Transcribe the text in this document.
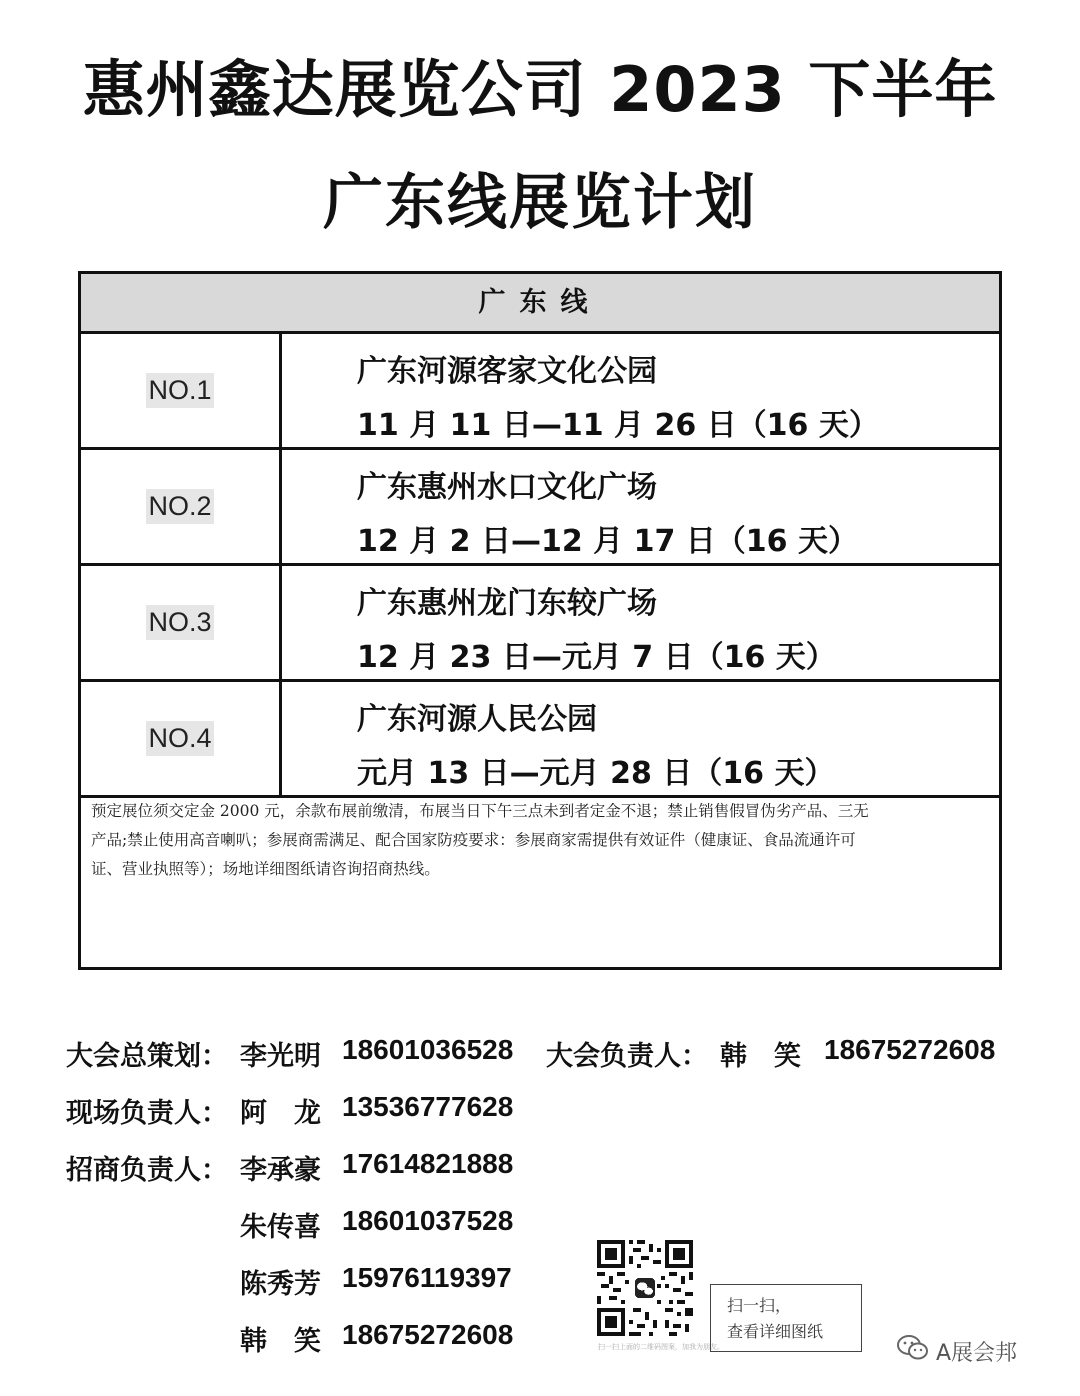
惠州鑫达展览公司 2023 下半年
广东线展览计划
广东线
NO.1
广东河源客家文化公园
11 月 11 日—11 月 26 日（16 天）
NO.2
广东惠州水口文化广场
12 月 2 日—12 月 17 日（16 天）
NO.3
广东惠州龙门东较广场
12 月 23 日—元月 7 日（16 天）
NO.4
广东河源人民公园
元月 13 日—元月 28 日（16 天）

预定展位须交定金 2000 元，余款布展前缴清，布展当日下午三点未到者定金不退；禁止销售假冒伪劣产品、三无

产品;禁止使用高音喇叭；参展商需满足、配合国家防疫要求：参展商家需提供有效证件（健康证、食品流通许可

证、营业执照等）；场地详细图纸请咨询招商热线。

大会总策划： 李光明 18601036528 大会负责人： 韩　笑 18675272608
现场负责人： 阿　龙 13536777628
招商负责人： 李承豪 17614821888
朱传喜 18601037528
陈秀芳 15976119397
韩　笑 18675272608	扫一扫上面的二维码图案，加我为朋友。
扫一扫，
查看详细图纸
A展会邦
